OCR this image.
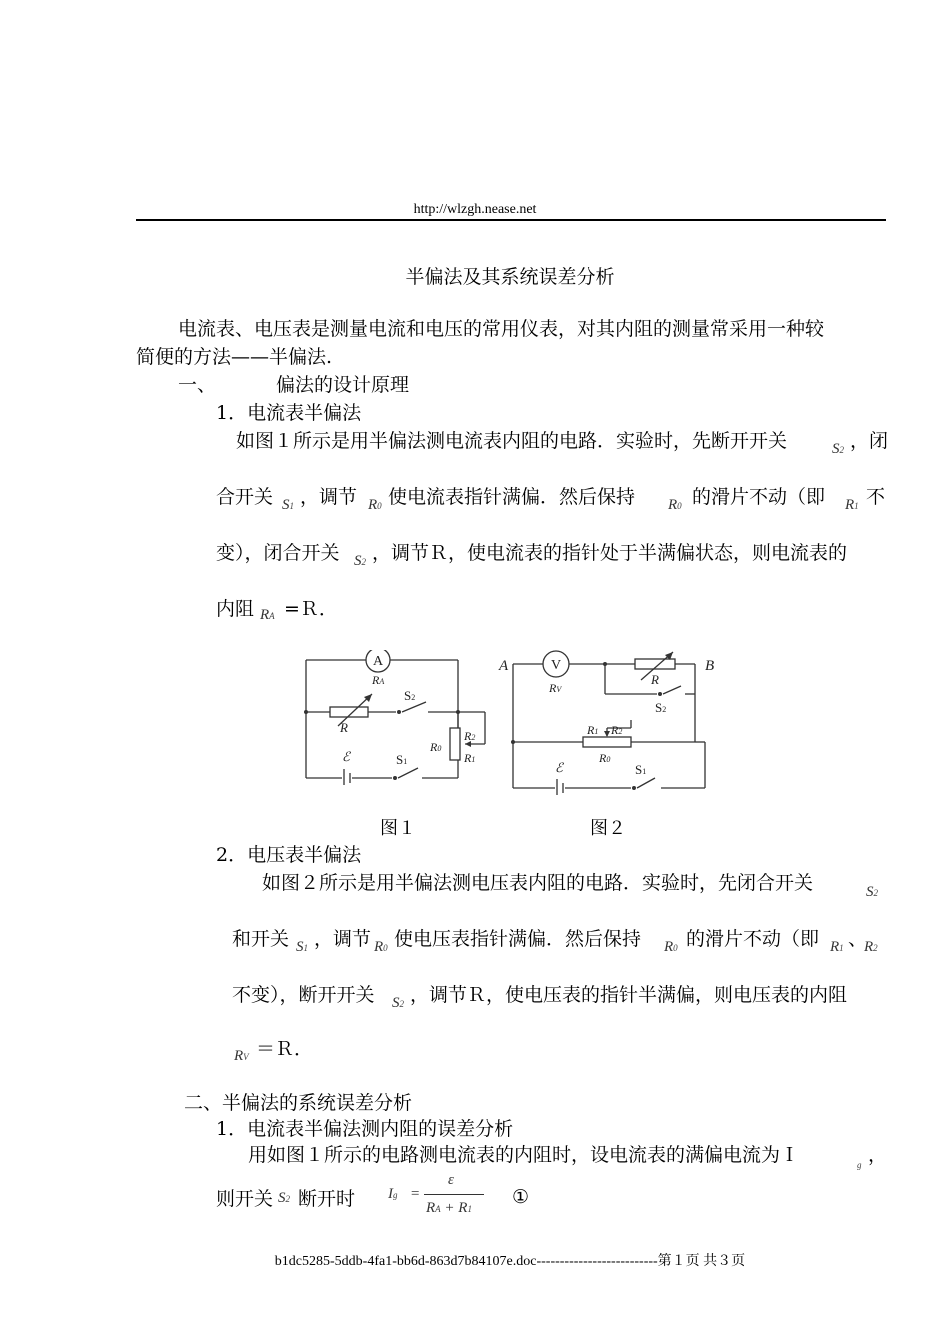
http://wlzgh.nease.net
半偏法及其系统误差分析
电流表、电压表是测量电流和电压的常用仪表，对其内阻的测量常采用一种较
简便的方法——半偏法.
一、	偏法的设计原理
1．电流表半偏法
如图１所示是用半偏法测电流表内阻的电路．实验时，先断开开关	S2 ，闭
合开关 S1 ，调节 R0 使电流表指针满偏．然后保持 R0 的滑片不动（即 R1 不
变），闭合开关 S2 ，调节Ｒ，使电流表的指针处于半满偏状态，则电流表的
内阻 RA =Ｒ．
A
RA
R
S2
R0
R2
R1
ℰ	S1
A	B
V
RV
R
S2
R1 R2
R0
ℰ	S1
图１	图２
2．电压表半偏法
如图２所示是用半偏法测电压表内阻的电路．实验时，先闭合开关	S2
和开关 S1 ，调节 R0 使电压表指针满偏．然后保持 R0 的滑片不动（即 R1 、
R2
不变），断开开关 S2 ，调节Ｒ，使电压表的指针半满偏，则电压表的内阻
RV ＝Ｒ．
二、半偏法的系统误差分析
1．电流表半偏法测内阻的误差分析
用如图１所示的电路测电流表的内阻时，设电流表的满偏电流为Ｉ	g ，
则开关 S2 断开时 Ig =
ε
RA + R1
①
b1dc5285-5ddb-4fa1-bb6d-863d7b84107e.doc--------------------------第１页 共３页
